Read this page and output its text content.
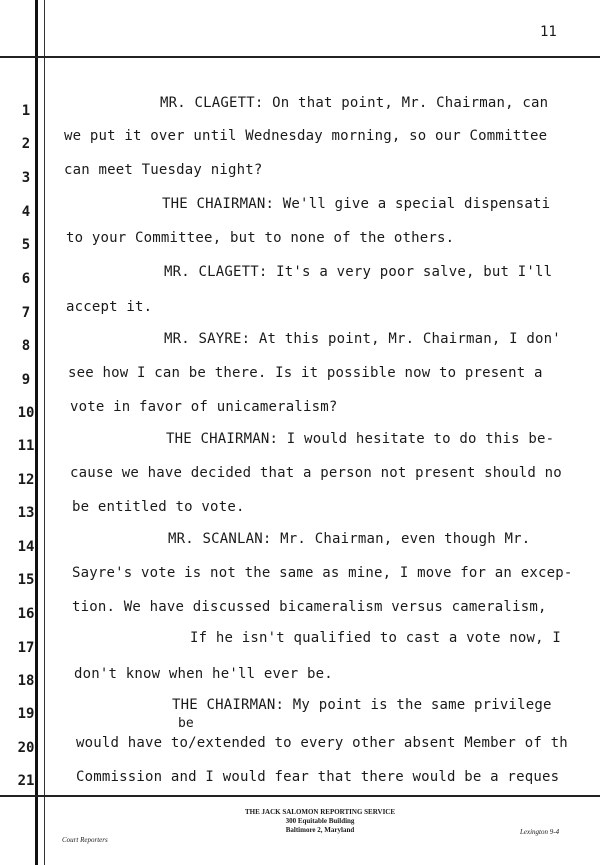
11
1
2
3
4
5
6
7
8
9
10
11
12
13
14
15
16
17
18
19
20
21
MR. CLAGETT: On that point, Mr. Chairman, can
we put it over until Wednesday morning, so our Committee
can meet Tuesday night?
THE CHAIRMAN: We'll give a special dispensati
to your Committee, but to none of the others.
MR. CLAGETT: It's a very poor salve, but I'll
accept it.
MR. SAYRE: At this point, Mr. Chairman, I don'
see how I can be there. Is it possible now to present a
vote in favor of unicameralism?
THE CHAIRMAN: I would hesitate to do this be-
cause we have decided that a person not present should no
be entitled to vote.
MR. SCANLAN: Mr. Chairman, even though Mr.
Sayre's vote is not the same as mine, I move for an excep-
tion. We have discussed bicameralism versus cameralism,
If he isn't qualified to cast a vote now, I
don't know when he'll ever be.
THE CHAIRMAN: My point is the same privilege
be
would have to/extended to every other absent Member of th
Commission and I would fear that there would be a reques
THE JACK SALOMON REPORTING SERVICE
300 Equitable Building
Baltimore 2, Maryland
Court Reporters
Lexington 9-4
